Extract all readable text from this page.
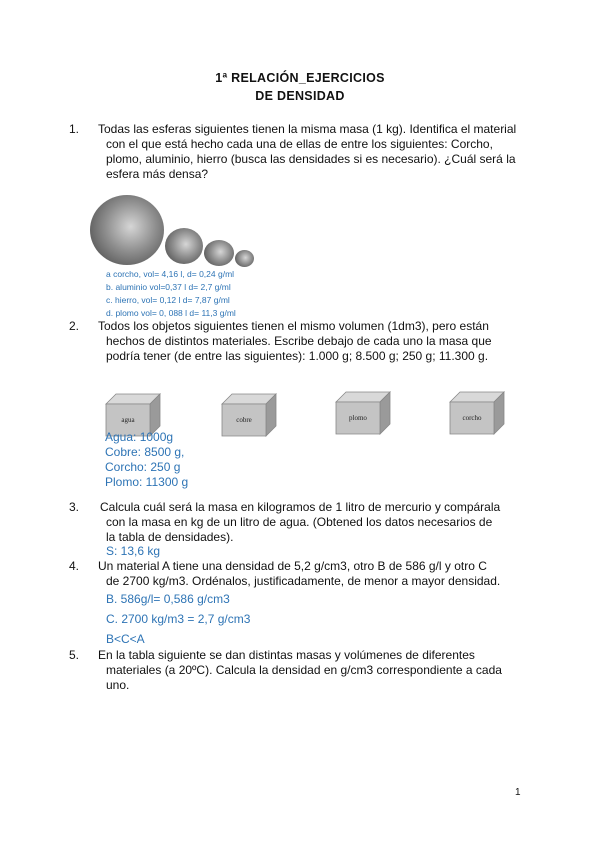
1ª RELACIÓN_EJERCICIOS
DE DENSIDAD
1. Todas las esferas siguientes tienen la misma masa (1 kg). Identifica el material
con el que está hecho cada una de ellas de entre los siguientes: Corcho,
plomo, aluminio, hierro (busca las densidades si es necesario). ¿Cuál será la
esfera más densa?
a corcho, vol= 4,16 l, d= 0,24 g/ml
b. aluminio vol=0,37 l d= 2,7 g/ml
c. hierro, vol= 0,12 l d= 7,87 g/ml
d. plomo vol= 0, 088 l d= 11,3 g/ml
2. Todos los objetos siguientes tienen el mismo volumen (1dm3), pero están
hechos de distintos materiales. Escribe debajo de cada uno la masa que
podría tener (de entre las siguientes): 1.000 g; 8.500 g; 250 g; 11.300 g.
agua	cobre	plomo	corcho
Agua: 1000g
Cobre: 8500 g,
Corcho: 250 g
Plomo: 11300 g
3. Calcula cuál será la masa en kilogramos de 1 litro de mercurio y compárala
con la masa en kg de un litro de agua. (Obtened los datos necesarios de
la tabla de densidades).
S: 13,6 kg
4. Un material A tiene una densidad de 5,2 g/cm3, otro B de 586 g/l y otro C
de 2700 kg/m3. Ordénalos, justificadamente, de menor a mayor densidad.
B. 586g/l= 0,586 g/cm3
C. 2700 kg/m3 = 2,7 g/cm3
B<C<A
5. En la tabla siguiente se dan distintas masas y volúmenes de diferentes
materiales (a 20ºC). Calcula la densidad en g/cm3 correspondiente a cada
uno.
1
